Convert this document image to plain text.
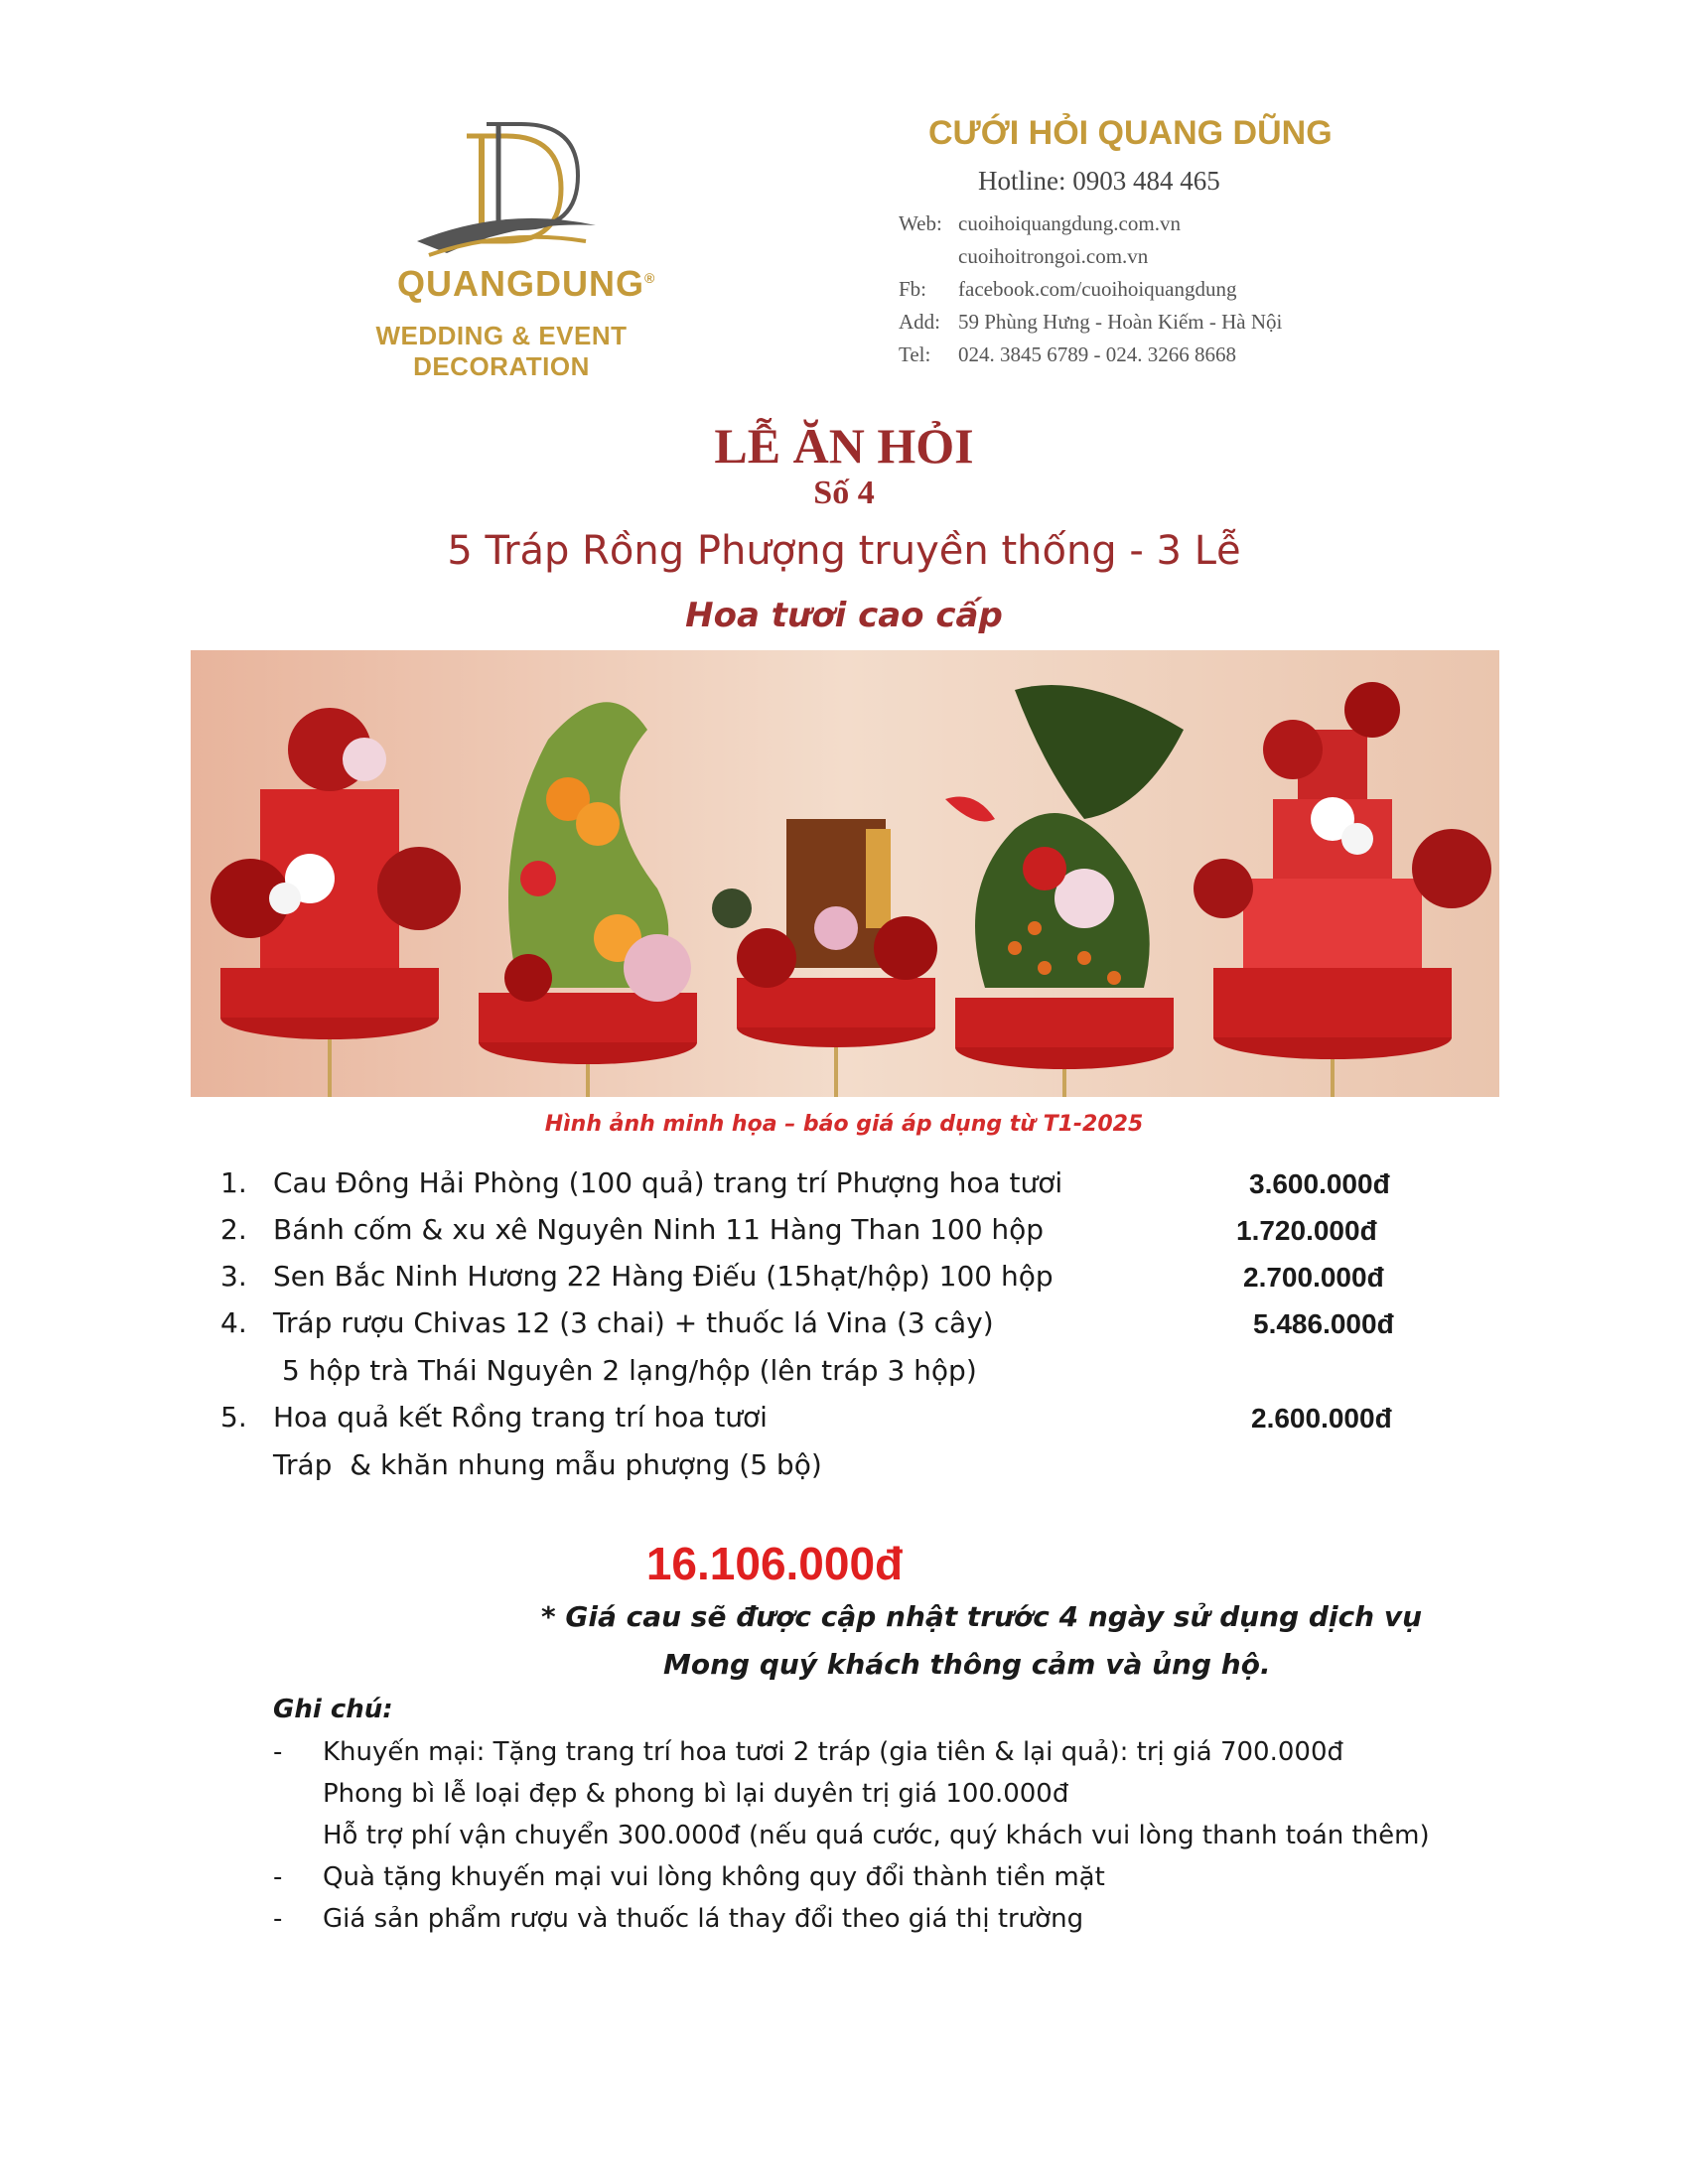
QUANGDUNG®
WEDDING & EVENT DECORATION
CƯỚI HỎI QUANG DŨNG
Hotline: 0903 484 465
Web: cuoihoiquangdung.com.vn
cuoihoitrongoi.com.vn
Fb: facebook.com/cuoihoiquangdung
Add: 59 Phùng Hưng - Hoàn Kiếm - Hà Nội
Tel: 024. 3845 6789 - 024. 3266 8668
LỄ ĂN HỎI
Số 4
5 Tráp Rồng Phượng truyền thống - 3 Lễ
Hoa tươi cao cấp
Hình ảnh minh họa – báo giá áp dụng từ T1-2025
1. Cau Đông Hải Phòng (100 quả) trang trí Phượng hoa tươi	3.600.000đ
2. Bánh cốm & xu xê Nguyên Ninh 11 Hàng Than 100 hộp	1.720.000đ
3. Sen Bắc Ninh Hương 22 Hàng Điếu (15hạt/hộp) 100 hộp	2.700.000đ
4. Tráp rượu Chivas 12 (3 chai) + thuốc lá Vina (3 cây)	5.486.000đ
5 hộp trà Thái Nguyên 2 lạng/hộp (lên tráp 3 hộp)
5. Hoa quả kết Rồng trang trí hoa tươi	2.600.000đ
Tráp  & khăn nhung mẫu phượng (5 bộ)
16.106.000đ
* Giá cau sẽ được cập nhật trước 4 ngày sử dụng dịch vụ
Mong quý khách thông cảm và ủng hộ.
Ghi chú:
- Khuyến mại: Tặng trang trí hoa tươi 2 tráp (gia tiên & lại quả): trị giá 700.000đ
Phong bì lễ loại đẹp & phong bì lại duyên trị giá 100.000đ
Hỗ trợ phí vận chuyển 300.000đ (nếu quá cước, quý khách vui lòng thanh toán thêm)
- Quà tặng khuyến mại vui lòng không quy đổi thành tiền mặt
- Giá sản phẩm rượu và thuốc lá thay đổi theo giá thị trường
